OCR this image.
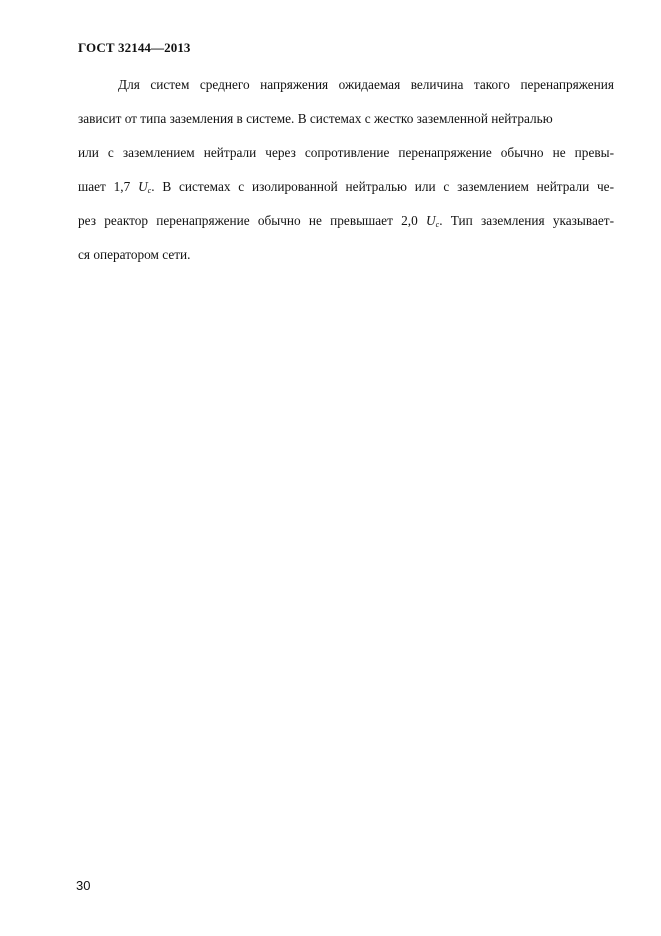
ГОСТ 32144—2013
Для систем среднего напряжения ожидаемая величина такого перенапряжения
зависит от типа заземления в системе. В системах с жестко заземленной нейтралью
или с заземлением нейтрали через сопротивление перенапряжение обычно не превы-
шает 1,7 $U_c$. В системах с изолированной нейтралью или с заземлением нейтрали че-
рез реактор перенапряжение обычно не превышает 2,0 $U_c$. Тип заземления указывает-
ся оператором сети.
30
